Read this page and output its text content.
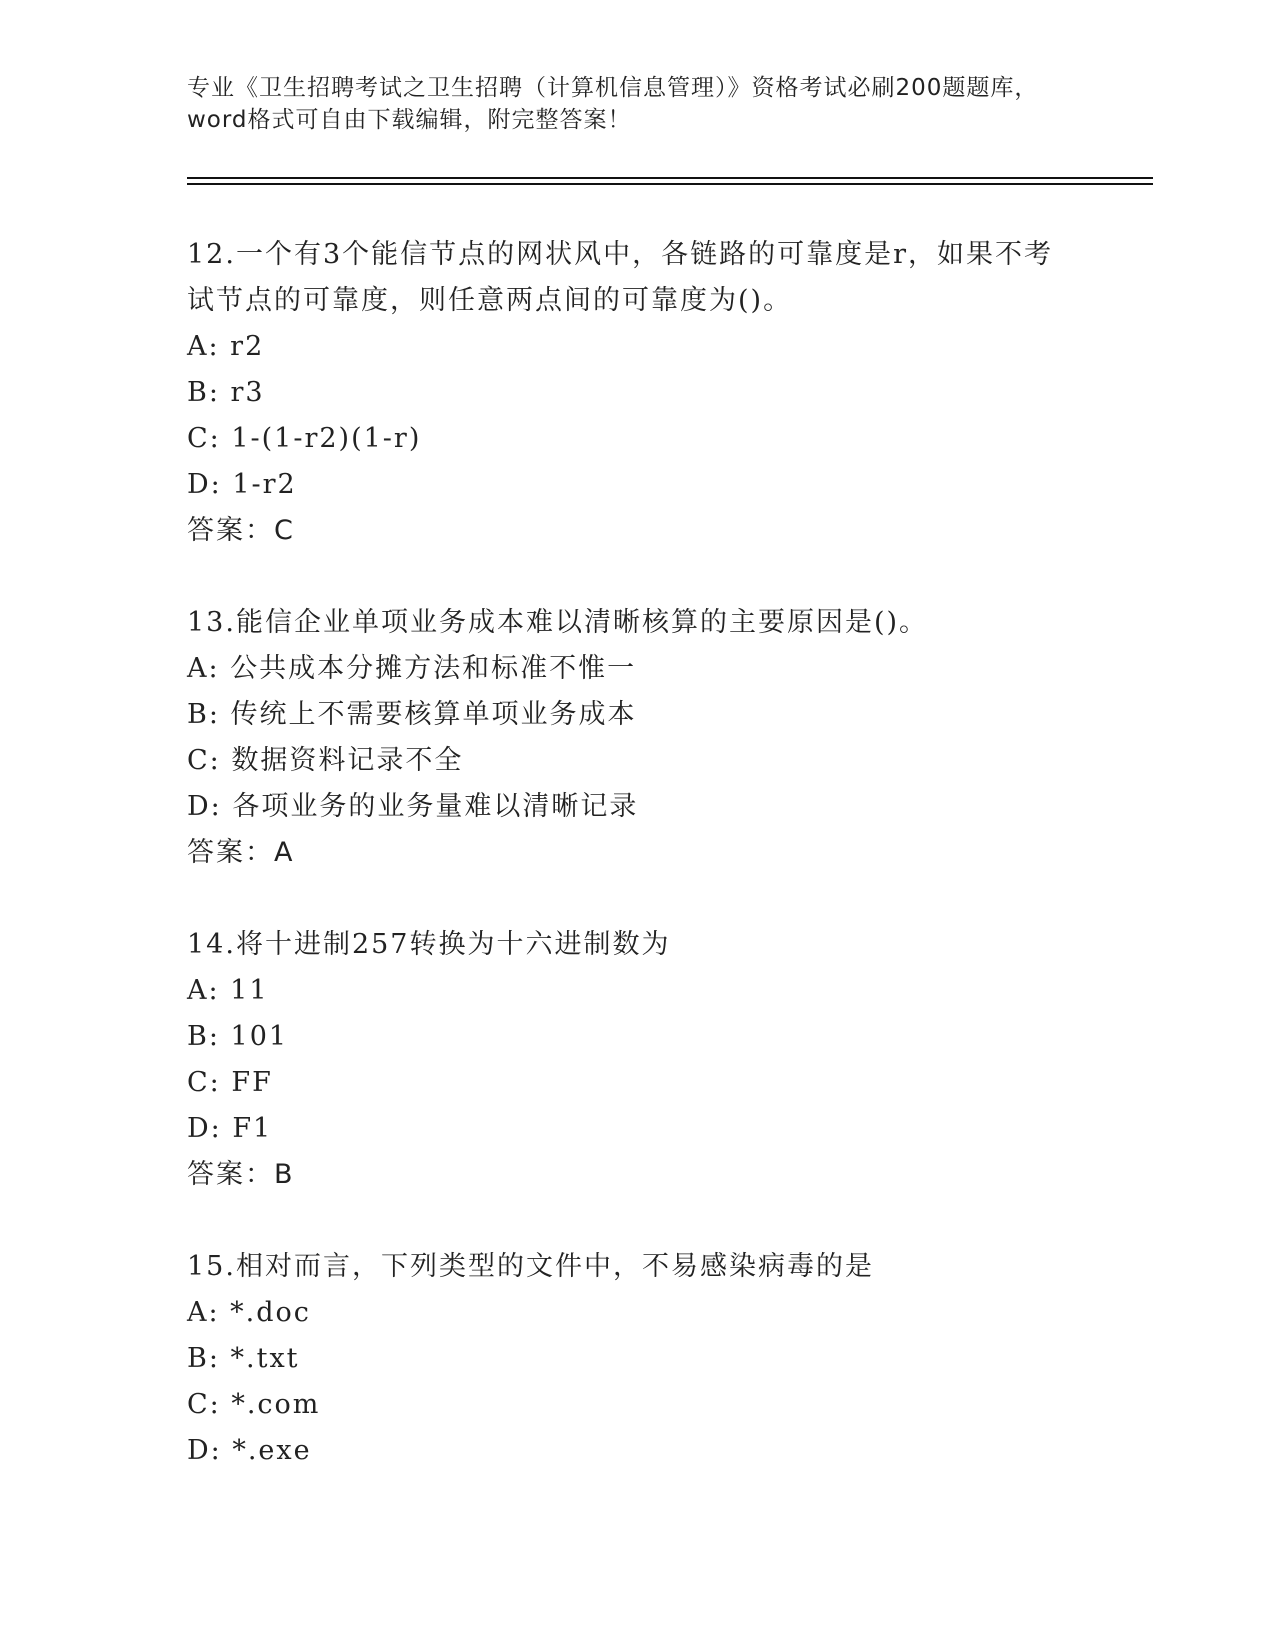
专业《卫生招聘考试之卫生招聘（计算机信息管理）》资格考试必刷200题题库，
word格式可自由下载编辑，附完整答案！
12.一个有3个能信节点的网状风中，各链路的可靠度是r，如果不考
试节点的可靠度，则任意两点间的可靠度为()。
A: r2
B: r3
C: 1-(1-r2)(1-r)
D: 1-r2
答案：C
13.能信企业单项业务成本难以清晰核算的主要原因是()。
A: 公共成本分摊方法和标准不惟一
B: 传统上不需要核算单项业务成本
C: 数据资料记录不全
D: 各项业务的业务量难以清晰记录
答案：A
14.将十进制257转换为十六进制数为
A: 11
B: 101
C: FF
D: F1
答案：B
15.相对而言，下列类型的文件中，不易感染病毒的是
A: *.doc
B: *.txt
C: *.com
D: *.exe
